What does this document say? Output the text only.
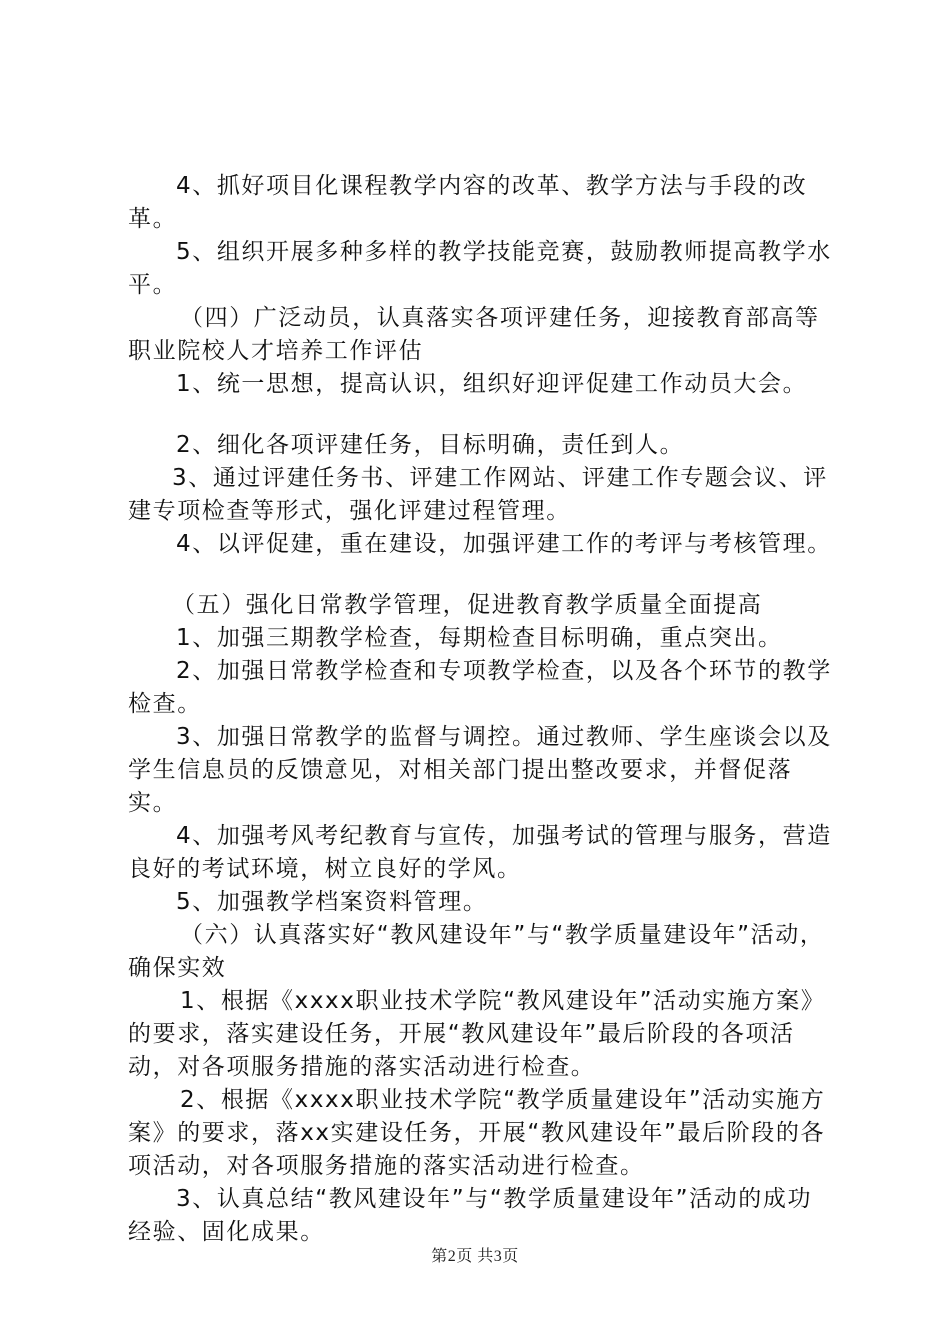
4、抓好项目化课程教学内容的改革、教学方法与手段的改革。

5、组织开展多种多样的教学技能竞赛，鼓励教师提高教学水平。

（四）广泛动员，认真落实各项评建任务，迎接教育部高等职业院校人才培养工作评估

1、统一思想，提高认识，组织好迎评促建工作动员大会。

2、细化各项评建任务，目标明确，责任到人。

3、通过评建任务书、评建工作网站、评建工作专题会议、评建专项检查等形式，强化评建过程管理。

4、以评促建，重在建设，加强评建工作的考评与考核管理。

（五）强化日常教学管理，促进教育教学质量全面提高

1、加强三期教学检查，每期检查目标明确，重点突出。

2、加强日常教学检查和专项教学检查，以及各个环节的教学检查。

3、加强日常教学的监督与调控。通过教师、学生座谈会以及学生信息员的反馈意见，对相关部门提出整改要求，并督促落实。

4、加强考风考纪教育与宣传，加强考试的管理与服务，营造良好的考试环境，树立良好的学风。

5、加强教学档案资料管理。

（六）认真落实好“教风建设年”与“教学质量建设年”活动，确保实效

1、根据《xxxx职业技术学院“教风建设年”活动实施方案》的要求，落实建设任务，开展“教风建设年”最后阶段的各项活动，对各项服务措施的落实活动进行检查。

2、根据《xxxx职业技术学院“教学质量建设年”活动实施方案》的要求，落xx实建设任务，开展“教风建设年”最后阶段的各项活动，对各项服务措施的落实活动进行检查。

3、认真总结“教风建设年”与“教学质量建设年”活动的成功经验、固化成果。

第2页 共3页
